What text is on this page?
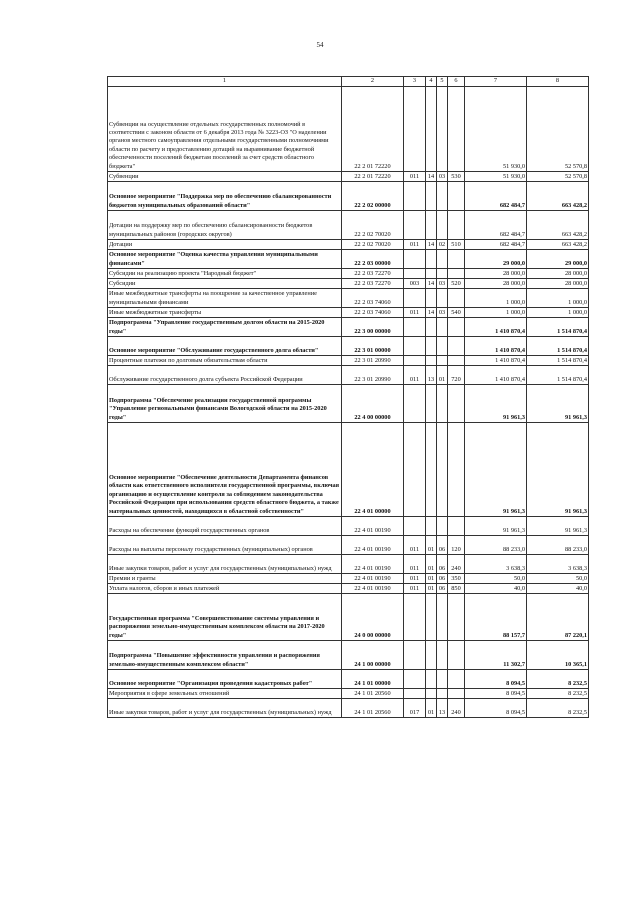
54
1	2	3	4	5	6	7	8
Субвенции на осуществление отдельных государственных полномочий в соответствии с законом области от 6 декабря 2013 года № 3223-ОЗ "О наделении органов местного самоуправления отдельными государственными полномочиями области по расчету и предоставлению дотаций на выравнивание бюджетной обеспеченности поселений бюджетам поселений за счет средств областного бюджета"	22 2 01 72220					51 930,0	52 570,8
Субвенции	22 2 01 72220	011	14	03	530	51 930,0	52 570,8
Основное мероприятие "Поддержка мер по обеспечению сбалансированности бюджетов муниципальных образований области"	22 2 02 00000					682 484,7	663 428,2
Дотации на поддержку мер по обеспечению сбалансированности бюджетов муниципальных районов (городских округов)	22 2 02 70020					682 484,7	663 428,2
Дотации	22 2 02 70020	011	14	02	510	682 484,7	663 428,2
Основное мероприятие "Оценка качества управления муниципальными финансами"	22 2 03 00000					29 000,0	29 000,0
Субсидии на реализацию проекта "Народный бюджет"	22 2 03 72270					28 000,0	28 000,0
Субсидии	22 2 03 72270	003	14	03	520	28 000,0	28 000,0
Иные межбюджетные трансферты на поощрение за качественное управление муниципальными финансами	22 2 03 74060					1 000,0	1 000,0
Иные межбюджетные трансферты	22 2 03 74060	011	14	03	540	1 000,0	1 000,0
Подпрограмма "Управление государственным долгом области на 2015-2020 годы"	22 3 00 00000					1 410 870,4	1 514 870,4
Основное мероприятие "Обслуживание государственного долга области"	22 3 01 00000					1 410 870,4	1 514 870,4
Процентные платежи по долговым обязательствам области	22 3 01 20990					1 410 870,4	1 514 870,4
Обслуживание государственного долга субъекта Российской Федерации	22 3 01 20990	011	13	01	720	1 410 870,4	1 514 870,4
Подпрограмма "Обеспечение реализации государственной программы "Управление региональными финансами Вологодской области на 2015-2020 годы"	22 4 00 00000					91 961,3	91 961,3
Основное мероприятие "Обеспечение деятельности Департамента финансов области как ответственного исполнителя государственной программы, включая организацию и осуществление контроля за соблюдением законодательства Российской Федерации при использовании средств областного бюджета, а также материальных ценностей, находящихся в областной собственности"	22 4 01 00000					91 961,3	91 961,3
Расходы на обеспечение функций государственных органов	22 4 01 00190					91 961,3	91 961,3
Расходы на выплаты персоналу государственных (муниципальных) органов	22 4 01 00190	011	01	06	120	88 233,0	88 233,0
Иные закупки товаров, работ и услуг для государственных (муниципальных) нужд	22 4 01 00190	011	01	06	240	3 638,3	3 638,3
Премии и гранты	22 4 01 00190	011	01	06	350	50,0	50,0
Уплата налогов, сборов и иных платежей	22 4 01 00190	011	01	06	850	40,0	40,0
Государственная программа "Совершенствование системы управления и распоряжения земельно-имущественным комплексом области на 2017-2020 годы"	24 0 00 00000					88 157,7	87 220,1
Подпрограмма "Повышение эффективности управления и распоряжения земельно-имущественным комплексом области"	24 1 00 00000					11 302,7	10 365,1
Основное мероприятие "Организация проведения кадастровых работ"	24 1 01 00000					8 094,5	8 232,5
Мероприятия в сфере земельных отношений	24 1 01 20560					8 094,5	8 232,5
Иные закупки товаров, работ и услуг для государственных (муниципальных) нужд	24 1 01 20560	017	01	13	240	8 094,5	8 232,5
